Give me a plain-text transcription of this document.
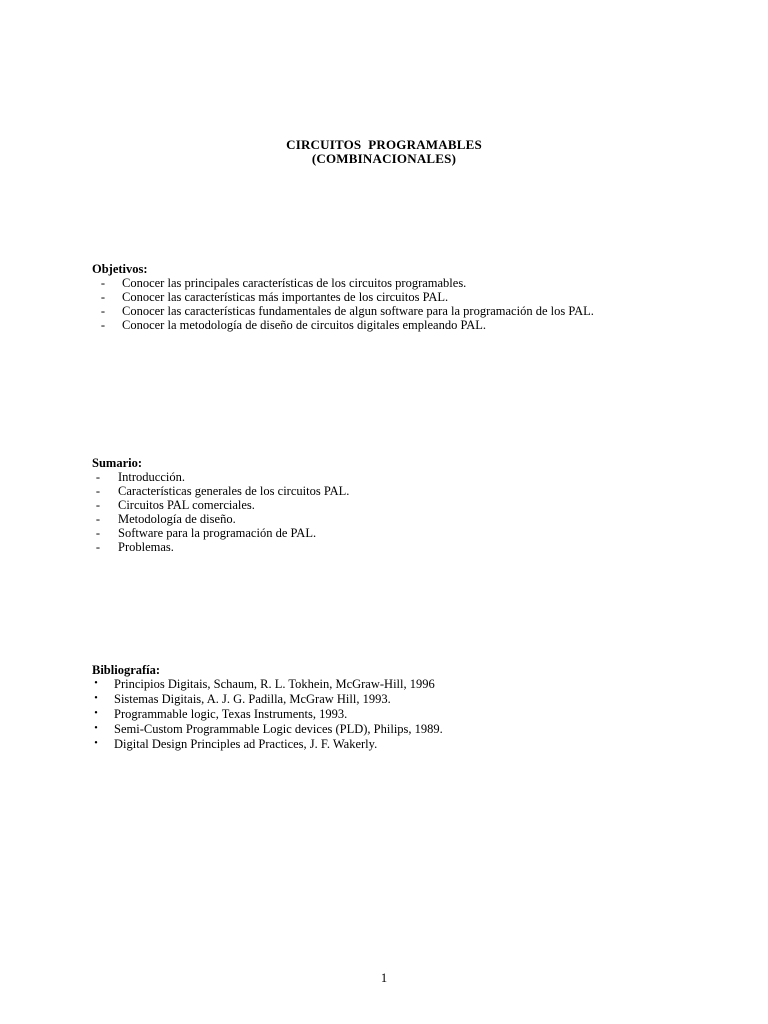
CIRCUITOS  PROGRAMABLES
(COMBINACIONALES)
Objetivos:
- Conocer las principales características de los circuitos programables.
- Conocer las características más importantes de los circuitos PAL.
- Conocer las características fundamentales de algun software para la programación de los PAL.
- Conocer la metodología de diseño de circuitos digitales empleando PAL.
Sumario:
- Introducción.
- Características generales de los circuitos PAL.
- Circuitos PAL comerciales.
- Metodología de diseño.
- Software para la programación de PAL.
- Problemas.
Bibliografía:
• Principios Digitais, Schaum, R. L. Tokhein, McGraw-Hill, 1996
• Sistemas Digitais, A. J. G. Padilla, McGraw Hill, 1993.
• Programmable logic, Texas Instruments, 1993.
• Semi-Custom Programmable Logic devices (PLD), Philips, 1989.
• Digital Design Principles ad Practices, J. F. Wakerly.
1
